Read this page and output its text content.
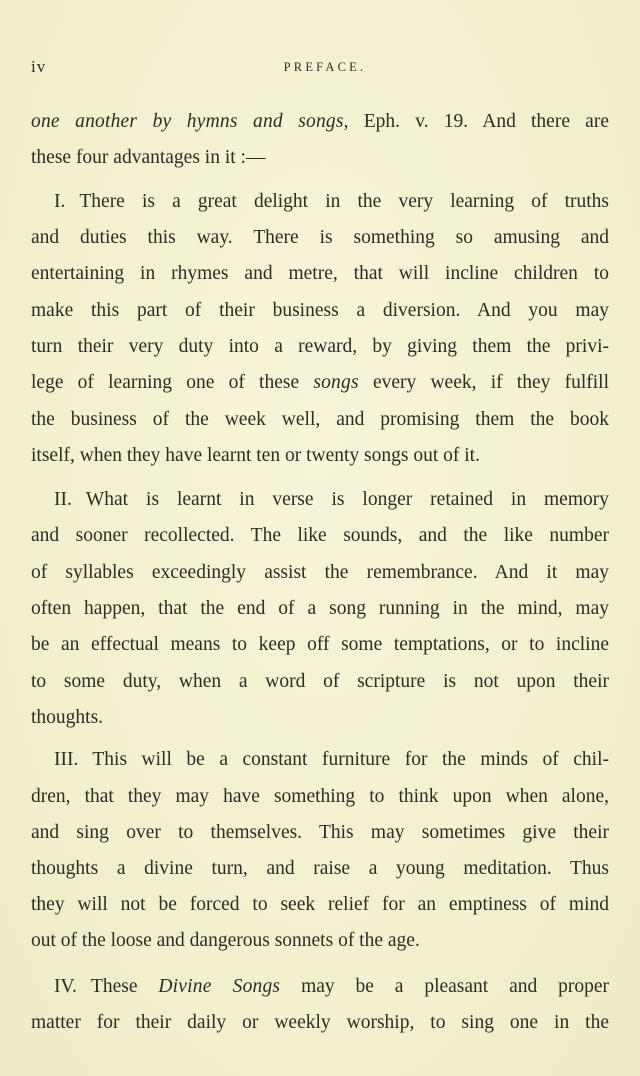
iv	PREFACE.
one another by hymns and songs, Eph. v. 19. And there are
these four advantages in it :—
I. There is a great delight in the very learning of truths
and duties this way. There is something so amusing and
entertaining in rhymes and metre, that will incline children to
make this part of their business a diversion. And you may
turn their very duty into a reward, by giving them the privi-
lege of learning one of these songs every week, if they fulfill
the business of the week well, and promising them the book
itself, when they have learnt ten or twenty songs out of it.
II. What is learnt in verse is longer retained in memory
and sooner recollected. The like sounds, and the like number
of syllables exceedingly assist the remembrance. And it may
often happen, that the end of a song running in the mind, may
be an effectual means to keep off some temptations, or to incline
to some duty, when a word of scripture is not upon their
thoughts.
III. This will be a constant furniture for the minds of chil-
dren, that they may have something to think upon when alone,
and sing over to themselves. This may sometimes give their
thoughts a divine turn, and raise a young meditation. Thus
they will not be forced to seek relief for an emptiness of mind
out of the loose and dangerous sonnets of the age.
IV. These Divine Songs may be a pleasant and proper
matter for their daily or weekly worship, to sing one in the
